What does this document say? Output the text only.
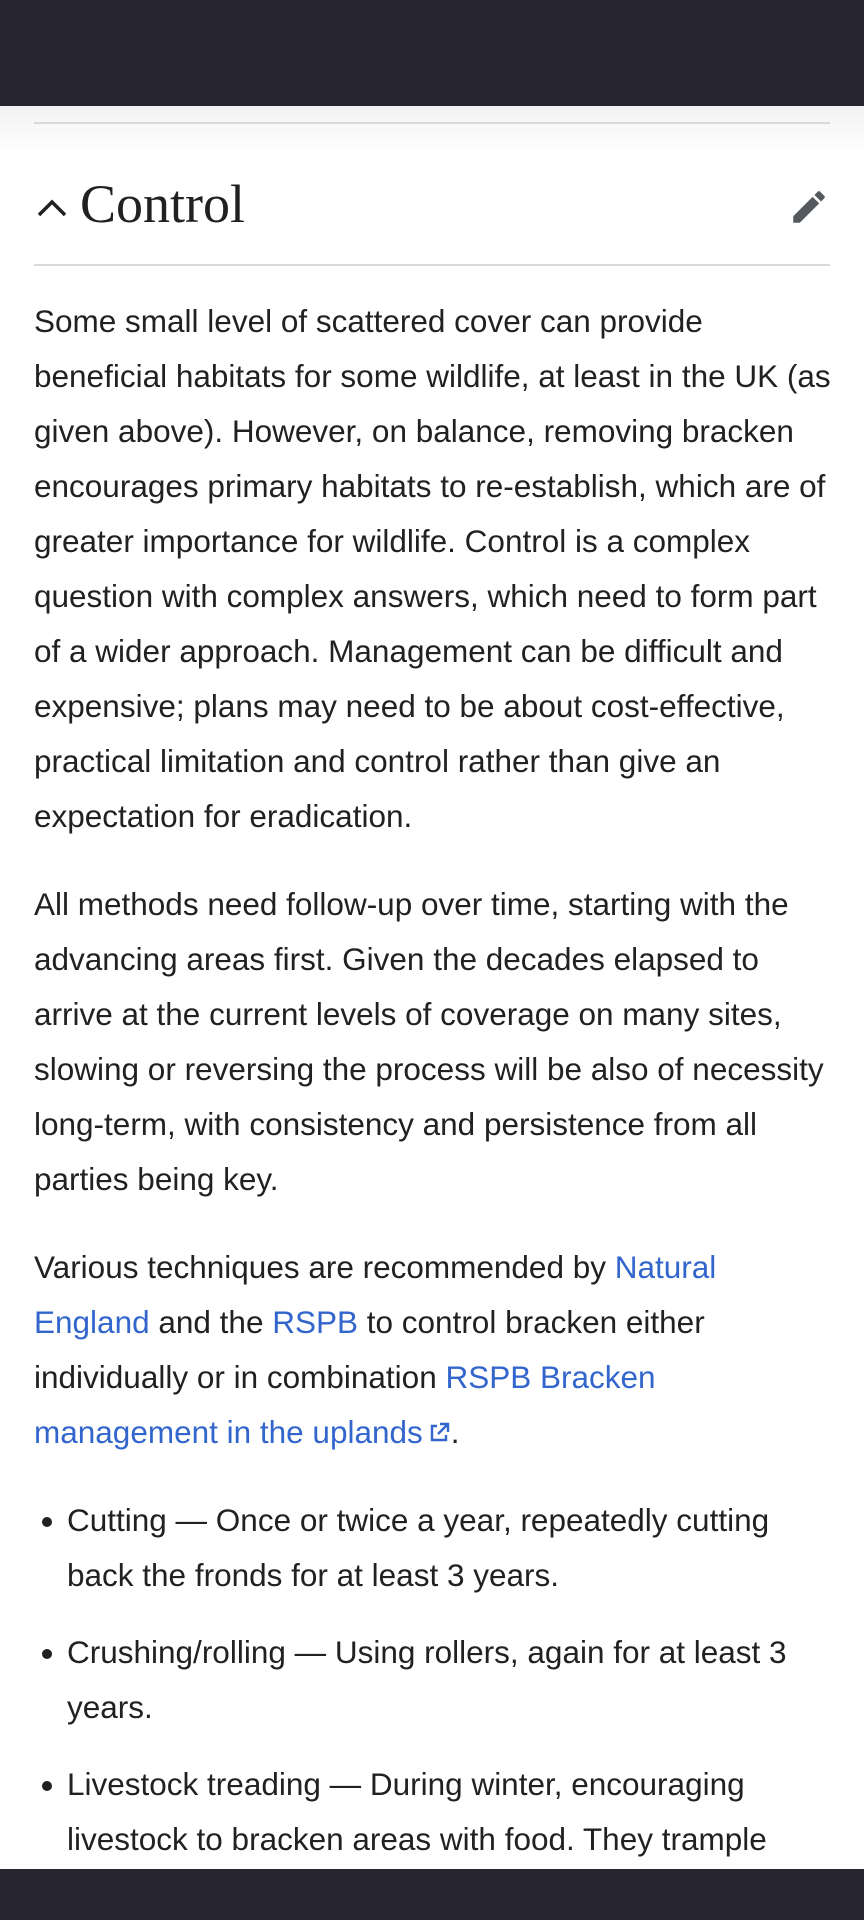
Control

Some small level of scattered cover can provide beneficial habitats for some wildlife, at least in the UK (as given above). However, on balance, removing bracken encourages primary habitats to re-establish, which are of greater importance for wildlife. Control is a complex question with complex answers, which need to form part of a wider approach. Management can be difficult and expensive; plans may need to be about cost-effective, practical limitation and control rather than give an expectation for eradication.

All methods need follow-up over time, starting with the advancing areas first. Given the decades elapsed to arrive at the current levels of coverage on many sites, slowing or reversing the process will be also of necessity long-term, with consistency and persistence from all parties being key.

Various techniques are recommended by Natural England and the RSPB to control bracken either individually or in combination RSPB Bracken management in the uplands .

Cutting — Once or twice a year, repeatedly cutting back the fronds for at least 3 years.
Crushing/rolling — Using rollers, again for at least 3 years.
Livestock treading — During winter, encouraging livestock to bracken areas with food. They trample
